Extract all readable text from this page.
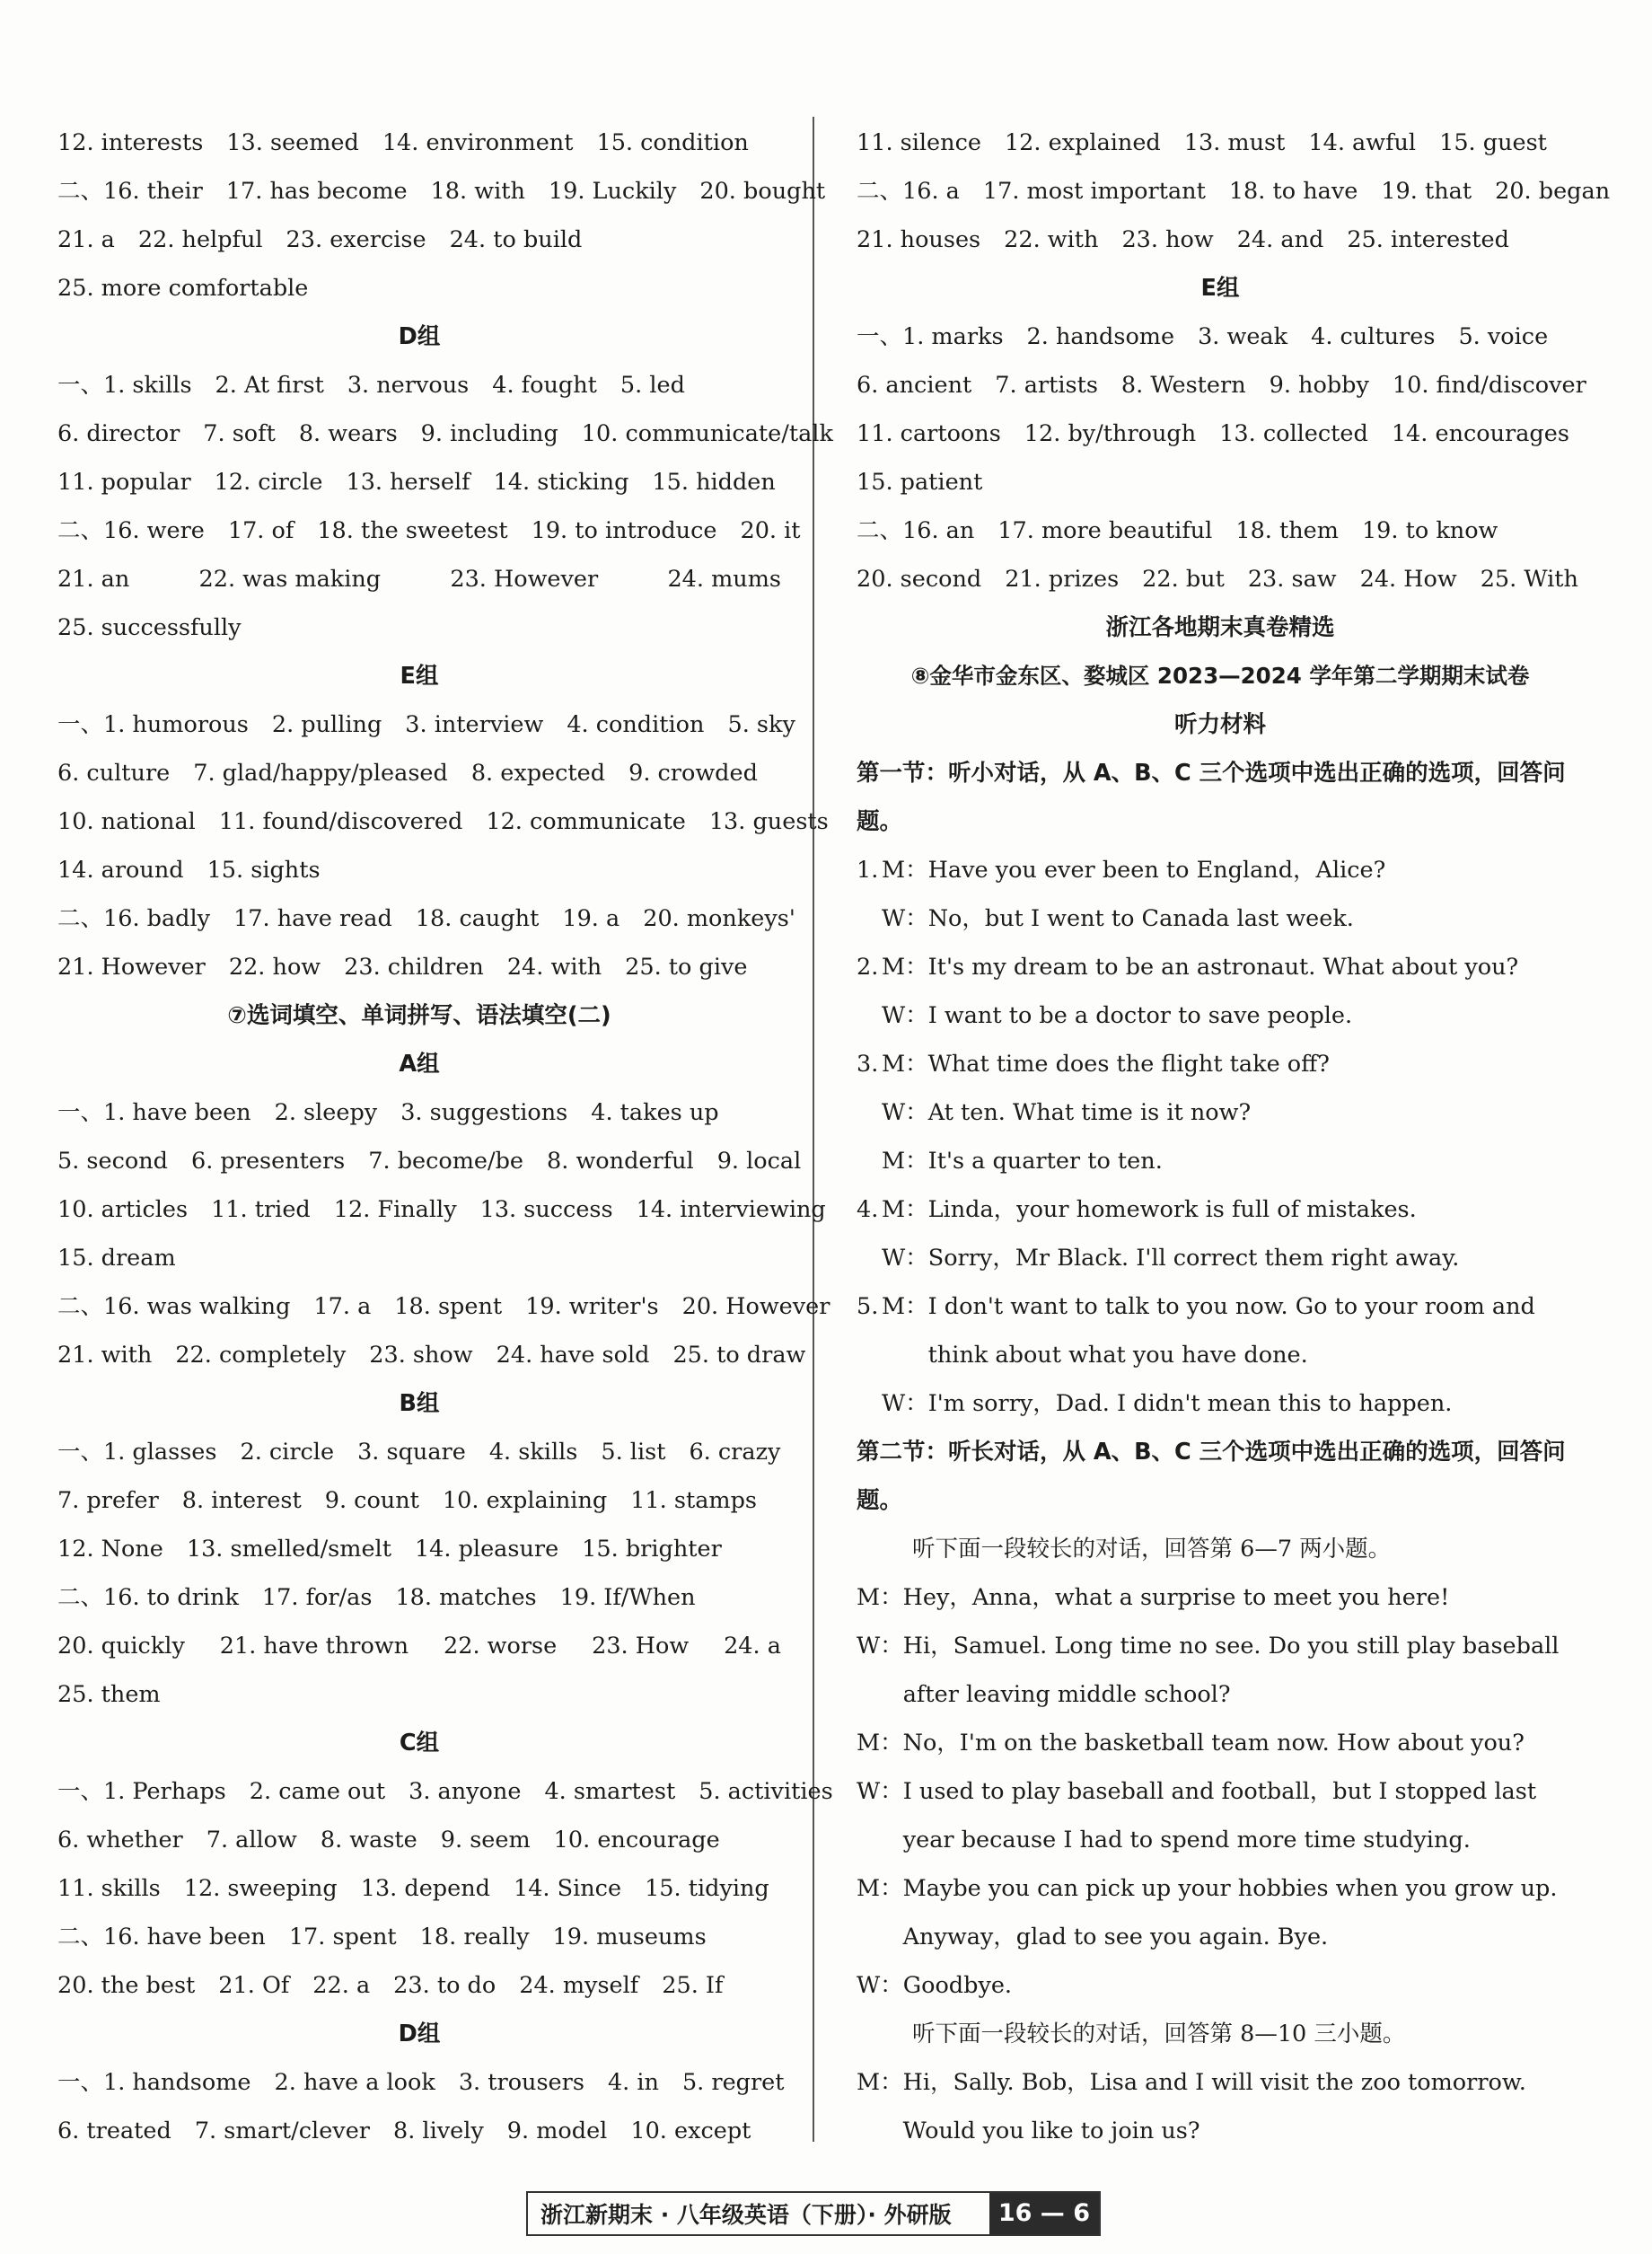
12. interests 13. seemed 14. environment 15. condition
二、16. their 17. has become 18. with 19. Luckily 20. bought
21. a 22. helpful 23. exercise 24. to build
25. more comfortable
D组
一、1. skills 2. At first 3. nervous 4. fought 5. led
6. director 7. soft 8. wears 9. including 10. communicate/talk
11. popular 12. circle 13. herself 14. sticking 15. hidden
二、16. were 17. of 18. the sweetest 19. to introduce 20. it
21. an	22. was making	23. However	24. mums
25. successfully
E组
一、1. humorous 2. pulling 3. interview 4. condition 5. sky
6. culture 7. glad/happy/pleased 8. expected 9. crowded
10. national 11. found/discovered 12. communicate 13. guests
14. around 15. sights
二、16. badly 17. have read 18. caught 19. a 20. monkeys'
21. However 22. how 23. children 24. with 25. to give
⑦选词填空、单词拼写、语法填空(二)
A组
一、1. have been 2. sleepy 3. suggestions 4. takes up
5. second 6. presenters 7. become/be 8. wonderful 9. local
10. articles 11. tried 12. Finally 13. success 14. interviewing
15. dream
二、16. was walking 17. a 18. spent 19. writer's 20. However
21. with 22. completely 23. show 24. have sold 25. to draw
B组
一、1. glasses 2. circle 3. square 4. skills 5. list 6. crazy
7. prefer 8. interest 9. count 10. explaining 11. stamps
12. None 13. smelled/smelt 14. pleasure 15. brighter
二、16. to drink 17. for/as 18. matches 19. If/When
20. quickly 21. have thrown 22. worse 23. How 24. a
25. them
C组
一、1. Perhaps 2. came out 3. anyone 4. smartest 5. activities
6. whether 7. allow 8. waste 9. seem 10. encourage
11. skills 12. sweeping 13. depend 14. Since 15. tidying
二、16. have been 17. spent 18. really 19. museums
20. the best 21. Of 22. a 23. to do 24. myself 25. If
D组
一、1. handsome 2. have a look 3. trousers 4. in 5. regret
6. treated 7. smart/clever 8. lively 9. model 10. except
11. silence 12. explained 13. must 14. awful 15. guest
二、16. a 17. most important 18. to have 19. that 20. began
21. houses 22. with 23. how 24. and 25. interested
E组
一、1. marks 2. handsome 3. weak 4. cultures 5. voice
6. ancient 7. artists 8. Western 9. hobby 10. find/discover
11. cartoons 12. by/through 13. collected 14. encourages
15. patient
二、16. an 17. more beautiful 18. them 19. to know
20. second 21. prizes 22. but 23. saw 24. How 25. With
浙江各地期末真卷精选
⑧金华市金东区、婺城区 2023—2024 学年第二学期期末试卷
听力材料
第一节：听小对话，从 A、B、C 三个选项中选出正确的选项，回答问题。
1. M： Have you ever been to England，Alice?
W： No，but I went to Canada last week.
2. M： It's my dream to be an astronaut. What about you?
W： I want to be a doctor to save people.
3. M： What time does the flight take off?
W： At ten. What time is it now?
M： It's a quarter to ten.
4. M： Linda，your homework is full of mistakes.
W： Sorry，Mr Black. I'll correct them right away.
5. M： I don't want to talk to you now. Go to your room and think about what you have done.
W： I'm sorry，Dad. I didn't mean this to happen.
第二节：听长对话，从 A、B、C 三个选项中选出正确的选项，回答问题。
听下面一段较长的对话，回答第 6—7 两小题。
M： Hey，Anna，what a surprise to meet you here!
W： Hi，Samuel. Long time no see. Do you still play baseball after leaving middle school?
M： No，I'm on the basketball team now. How about you?
W： I used to play baseball and football，but I stopped last year because I had to spend more time studying.
M： Maybe you can pick up your hobbies when you grow up. Anyway，glad to see you again. Bye.
W： Goodbye.
听下面一段较长的对话，回答第 8—10 三小题。
M： Hi，Sally. Bob，Lisa and I will visit the zoo tomorrow. Would you like to join us?
浙江新期末 · 八年级英语（下册）· 外研版	16 — 6
